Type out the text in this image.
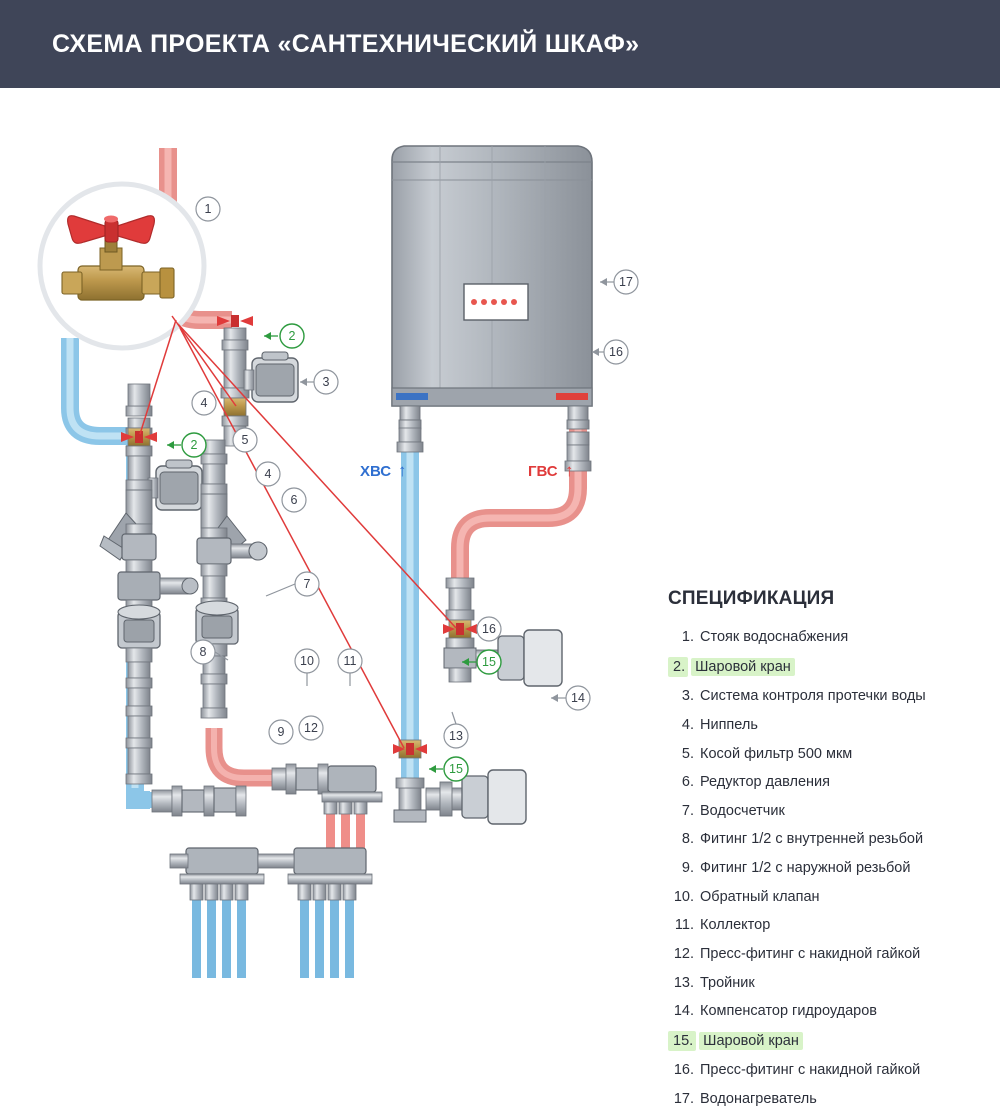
СХЕМА ПРОЕКТА «САНТЕХНИЧЕСКИЙ ШКАФ»
1
2
3
4
2	5
4
6
7
8
10 11
9 12
13
14
15
15
16
16
17
ХВС ↑	ГВС ↑
СПЕЦИФИКАЦИЯ
1. Стояк водоснабжения
2. Шаровой кран
3. Система контроля протечки воды
4. Ниппель
5. Косой фильтр 500 мкм
6. Редуктор давления
7. Водосчетчик
8. Фитинг 1/2 с внутренней резьбой
9. Фитинг 1/2 с наружной резьбой
10. Обратный клапан
11. Коллектор
12. Пресс-фитинг с накидной гайкой
13. Тройник
14. Компенсатор гидроударов
15. Шаровой кран
16. Пресс-фитинг с накидной гайкой
17. Водонагреватель
